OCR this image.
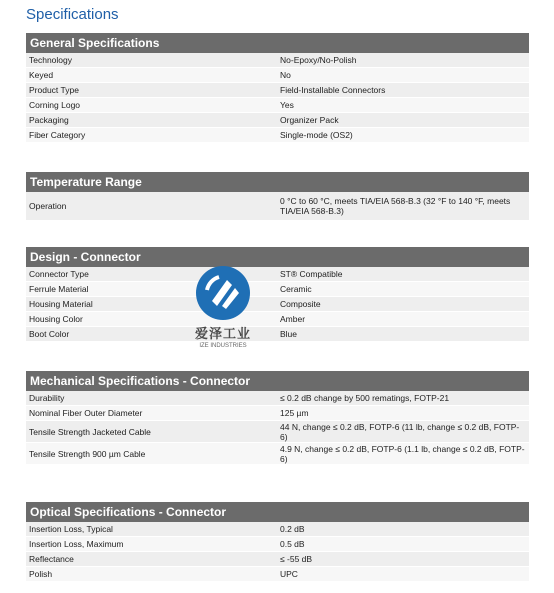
Specifications
General Specifications
Technology	No-Epoxy/No-Polish
Keyed	No
Product Type	Field-Installable Connectors
Corning Logo	Yes
Packaging	Organizer Pack
Fiber Category	Single-mode (OS2)
Temperature Range
Operation	0 °C to 60 °C, meets TIA/EIA 568-B.3 (32 °F to 140 °F, meets TIA/EIA 568-B.3)
Design - Connector
Connector Type	ST® Compatible
Ferrule Material	Ceramic
Housing Material	Composite
Housing Color	Amber
Boot Color	Blue
Mechanical Specifications - Connector
Durability	≤ 0.2 dB change by 500 rematings, FOTP-21
Nominal Fiber Outer Diameter	125 µm
Tensile Strength Jacketed Cable	44 N, change ≤ 0.2 dB, FOTP-6 (11 lb, change ≤ 0.2 dB, FOTP-6)
Tensile Strength 900 µm Cable	4.9 N, change ≤ 0.2 dB, FOTP-6 (1.1 lb, change ≤ 0.2 dB, FOTP-6)
Optical Specifications - Connector
Insertion Loss, Typical	0.2 dB
Insertion Loss, Maximum	0.5 dB
Reflectance	≤ -55 dB
Polish	UPC
爱泽工业
IZE INDUSTRIES
